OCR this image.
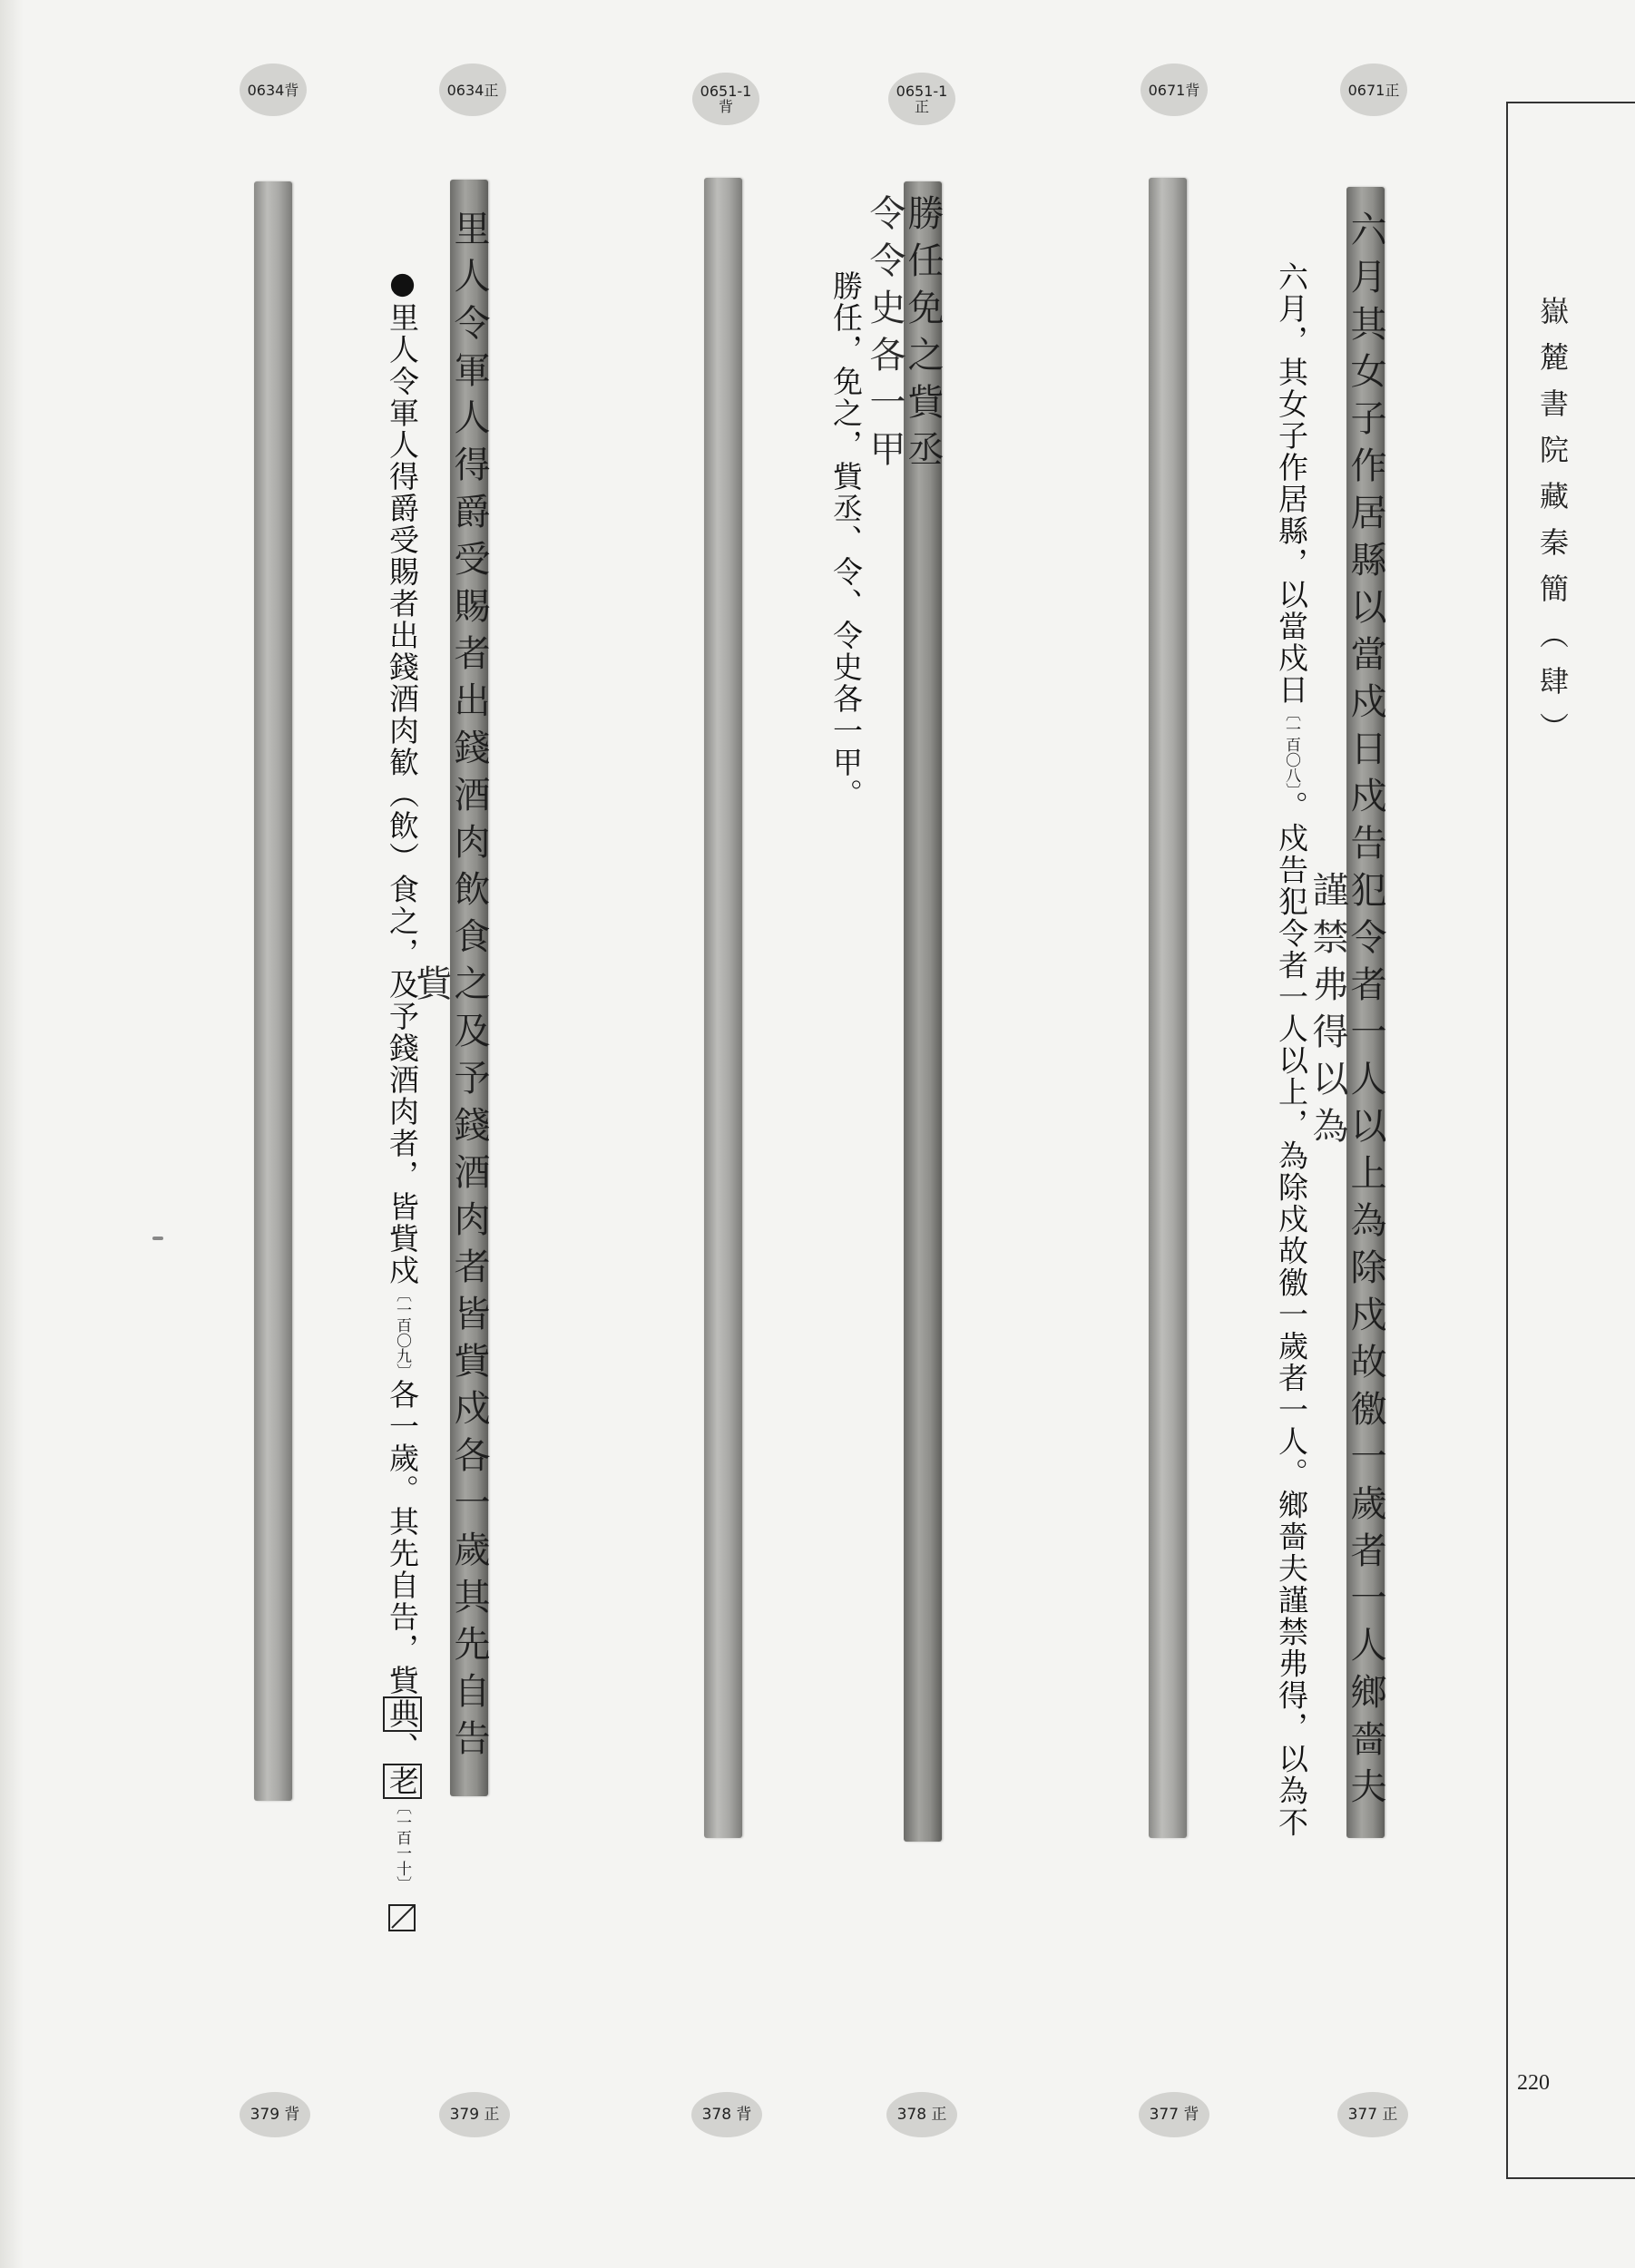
0634背	0634正	0651-1 背
0651-1 正
0671背	0671正
里人令軍人得爵受賜者出錢酒肉飲食之及予錢酒肉者皆貲戍各一歲其先自告貲
勝任免之貲丞令令史各一甲	六月其女子作居縣以當戍日戍告犯令者一人以上為除戍故徼一歲者一人鄉嗇夫謹禁弗得以為
●里人令軍人得爵受賜者出錢酒肉歓（飲）食之，及予錢酒肉者，皆貲戍〔一百〇九〕各一歲。其先自告，貲典、老〔一百一十〕
勝任，免之，貲丞、令、令史各一甲。	六月，其女子作居縣，以當戍日〔一百〇八〕。戍告犯令者一人以上，為除戍故徼一歲者一人。鄉嗇夫謹禁弗得，以為不
嶽麓書院藏秦簡（肆）
220
379 背	379 正	378 背	378 正	377 背	377 正
